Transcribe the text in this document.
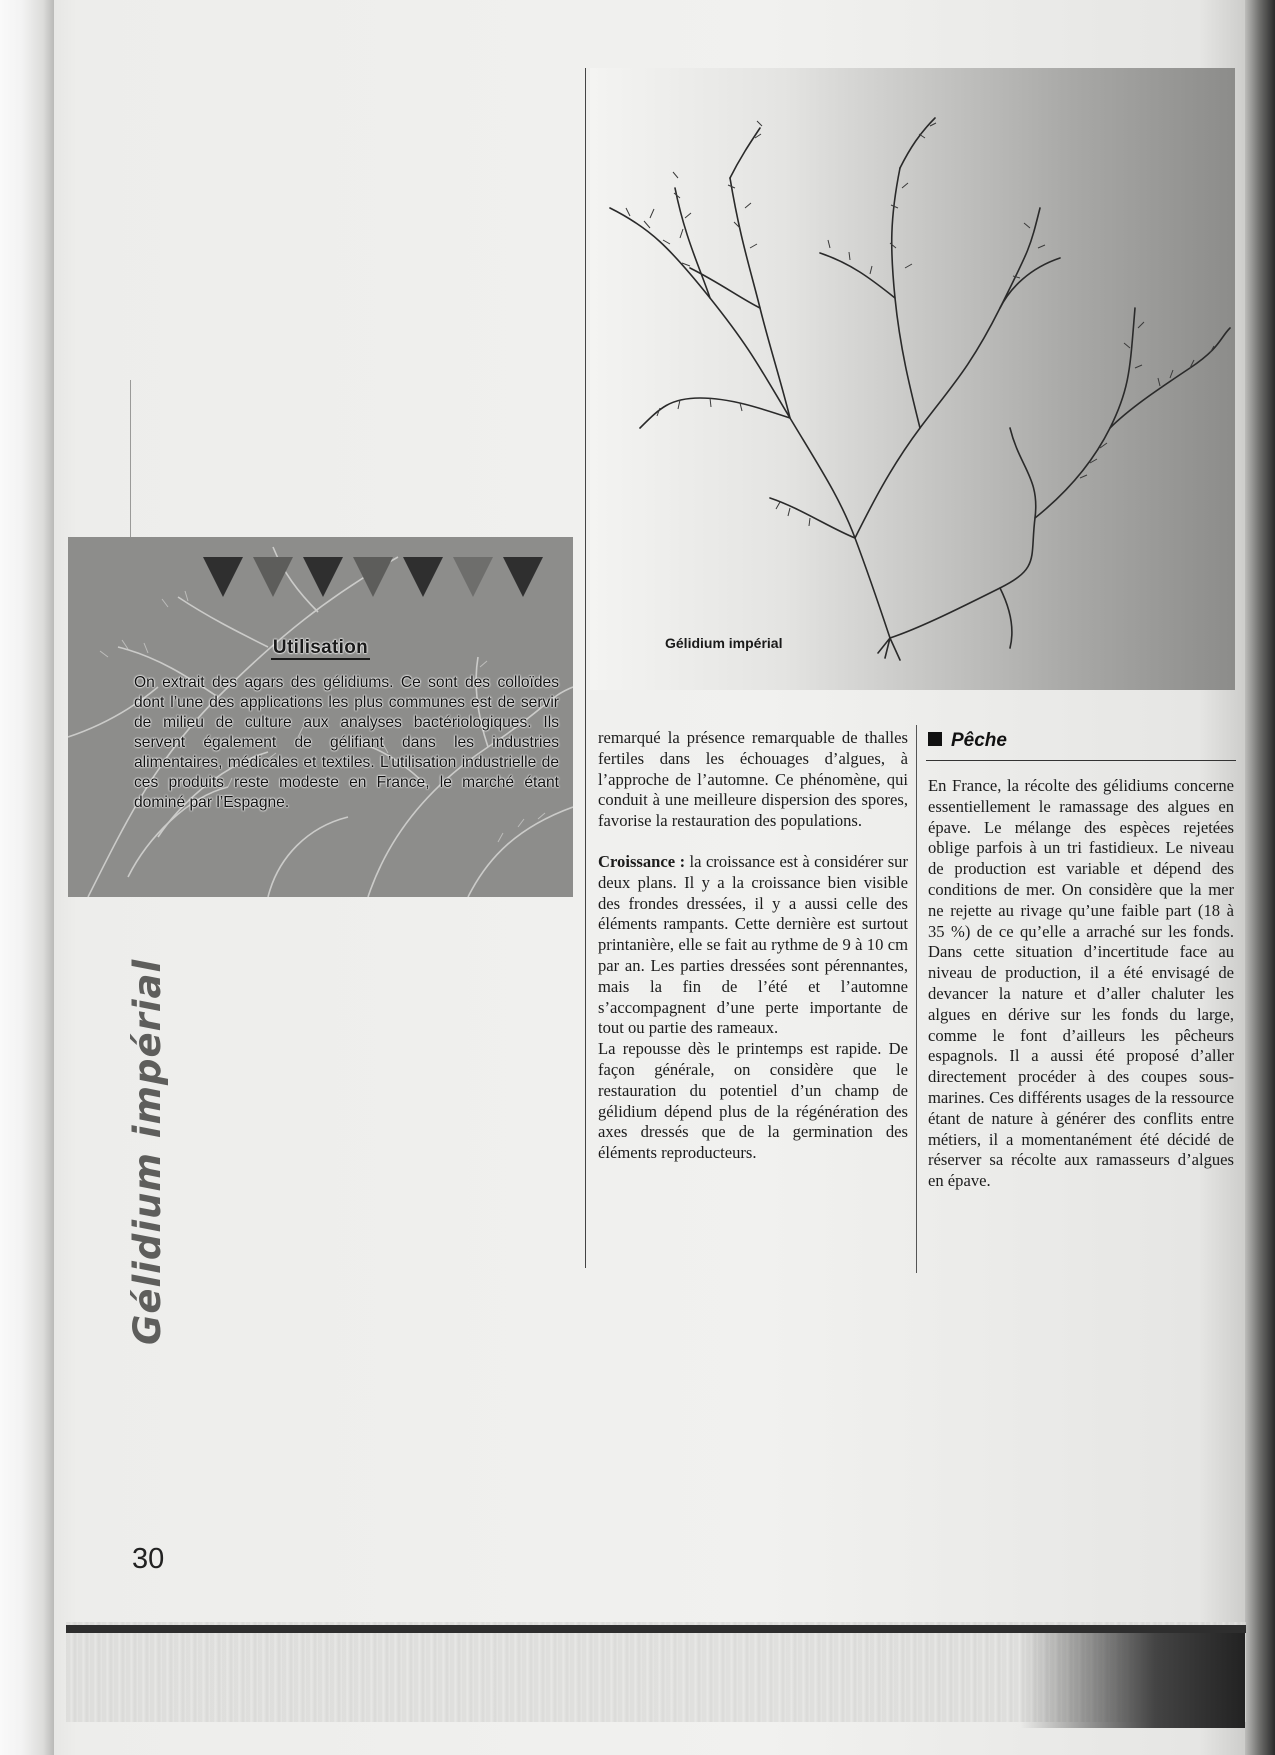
Utilisation
On extrait des agars des gélidiums. Ce sont des colloïdes dont l’une des applications les plus communes est de servir de milieu de culture aux analyses bactériologiques. Ils servent également de gélifiant dans les industries alimentaires, médicales et textiles. L’utilisation industrielle de ces produits reste modeste en France, le marché étant dominé par l’Espagne.
Gélidium impérial
30
Gélidium impérial

remarqué la présence remarquable de thalles fertiles dans les échouages d’algues, à l’approche de l’automne. Ce phénomène, qui conduit à une meilleure dispersion des spores, favorise la restauration des populations.

Croissance : la croissance est à considérer sur deux plans. Il y a la croissance bien visible des frondes dressées, il y a aussi celle des éléments rampants. Cette dernière est surtout printanière, elle se fait au rythme de 9 à 10 cm par an. Les parties dressées sont pérennantes, mais la fin de l’été et l’automne s’accompagnent d’une perte importante de tout ou partie des rameaux.

La repousse dès le printemps est rapide. De façon générale, on considère que le restauration du potentiel d’un champ de gélidium dépend plus de la régénération des axes dressés que de la germination des éléments reproducteurs.

Pêche

En France, la récolte des gélidiums concerne essentiellement le ramassage des algues en épave. Le mélange des espèces rejetées oblige parfois à un tri fastidieux. Le niveau de production est variable et dépend des conditions de mer. On considère que la mer ne rejette au rivage qu’une faible part (18 à 35 %) de ce qu’elle a arraché sur les fonds. Dans cette situation d’incertitude face au niveau de production, il a été envisagé de devancer la nature et d’aller chaluter les algues en dérive sur les fonds du large, comme le font d’ailleurs les pêcheurs espagnols. Il a aussi été proposé d’aller directement procéder à des coupes sous-marines. Ces différents usages de la ressource étant de nature à générer des conflits entre métiers, il a momentanément été décidé de réserver sa récolte aux ramasseurs d’algues en épave.
